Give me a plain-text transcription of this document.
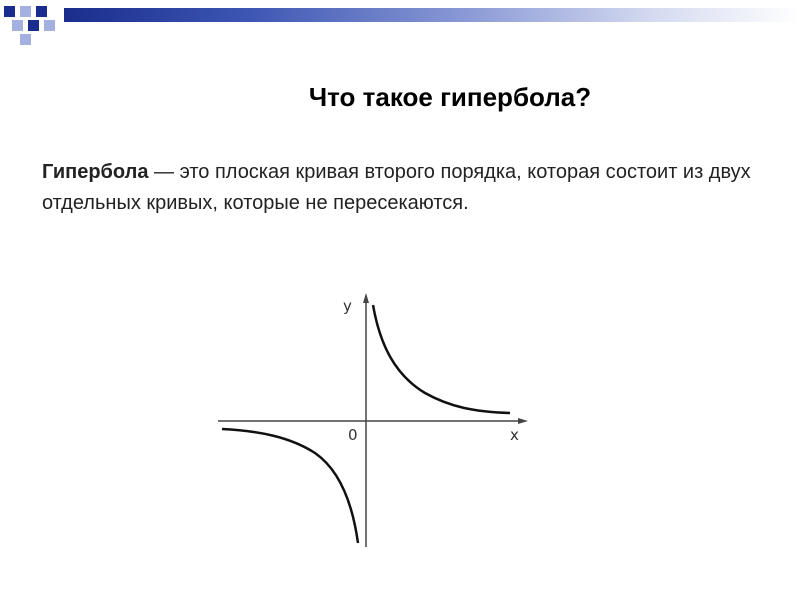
Что такое гипербола?
Гипербола — это плоская кривая второго порядка, которая состоит из двух отдельных кривых, которые не пересекаются.
y
x
0
